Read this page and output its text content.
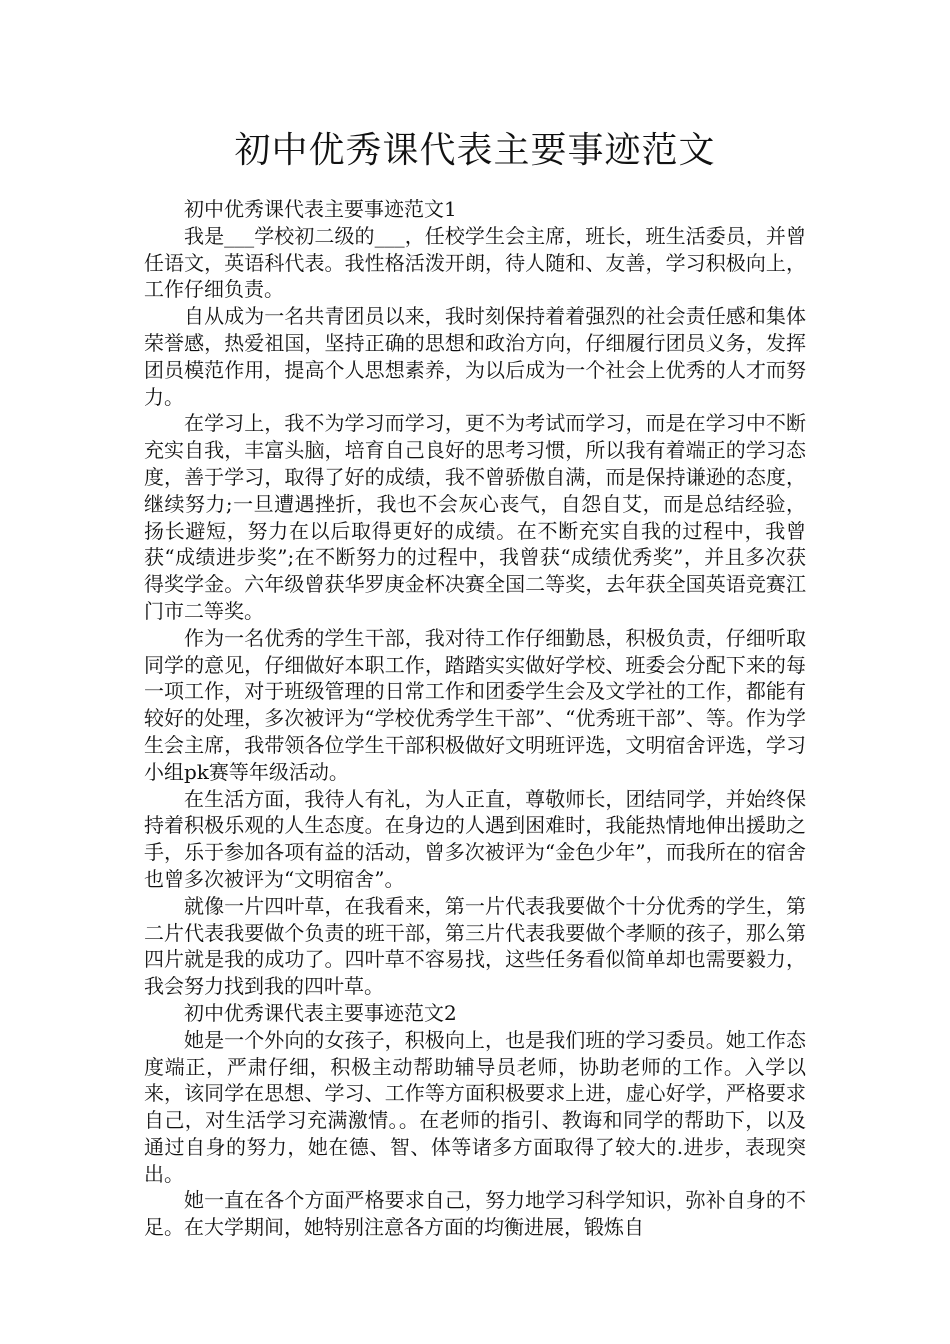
初中优秀课代表主要事迹范文

初中优秀课代表主要事迹范文1

我是___学校初二级的___，任校学生会主席，班长，班生活委员，并曾任语文，英语科代表。我性格活泼开朗，待人随和、友善，学习积极向上，工作仔细负责。

自从成为一名共青团员以来，我时刻保持着着强烈的社会责任感和集体荣誉感，热爱祖国，坚持正确的思想和政治方向，仔细履行团员义务，发挥团员模范作用，提高个人思想素养，为以后成为一个社会上优秀的人才而努力。

在学习上，我不为学习而学习，更不为考试而学习，而是在学习中不断充实自我，丰富头脑，培育自己良好的思考习惯，所以我有着端正的学习态度，善于学习，取得了好的成绩，我不曾骄傲自满，而是保持谦逊的态度，继续努力;一旦遭遇挫折，我也不会灰心丧气，自怨自艾，而是总结经验，扬长避短，努力在以后取得更好的成绩。在不断充实自我的过程中，我曾获“成绩进步奖”;在不断努力的过程中，我曾获“成绩优秀奖”，并且多次获得奖学金。六年级曾获华罗庚金杯决赛全国二等奖，去年获全国英语竞赛江门市二等奖。

作为一名优秀的学生干部，我对待工作仔细勤恳，积极负责，仔细听取同学的意见，仔细做好本职工作，踏踏实实做好学校、班委会分配下来的每一项工作，对于班级管理的日常工作和团委学生会及文学社的工作，都能有较好的处理，多次被评为“学校优秀学生干部”、“优秀班干部”、等。作为学生会主席，我带领各位学生干部积极做好文明班评选，文明宿舍评选，学习小组pk赛等年级活动。

在生活方面，我待人有礼，为人正直，尊敬师长，团结同学，并始终保持着积极乐观的人生态度。在身边的人遇到困难时，我能热情地伸出援助之手，乐于参加各项有益的活动，曾多次被评为“金色少年”，而我所在的宿舍也曾多次被评为“文明宿舍”。

就像一片四叶草，在我看来，第一片代表我要做个十分优秀的学生，第二片代表我要做个负责的班干部，第三片代表我要做个孝顺的孩子，那么第四片就是我的成功了。四叶草不容易找，这些任务看似简单却也需要毅力，我会努力找到我的四叶草。

初中优秀课代表主要事迹范文2

她是一个外向的女孩子，积极向上，也是我们班的学习委员。她工作态度端正，严肃仔细，积极主动帮助辅导员老师，协助老师的工作。入学以来，该同学在思想、学习、工作等方面积极要求上进，虚心好学，严格要求自己，对生活学习充满激情。。在老师的指引、教诲和同学的帮助下，以及通过自身的努力，她在德、智、体等诸多方面取得了较大的.进步，表现突出。

她一直在各个方面严格要求自己，努力地学习科学知识，弥补自身的不足。在大学期间，她特别注意各方面的均衡进展，锻炼自
